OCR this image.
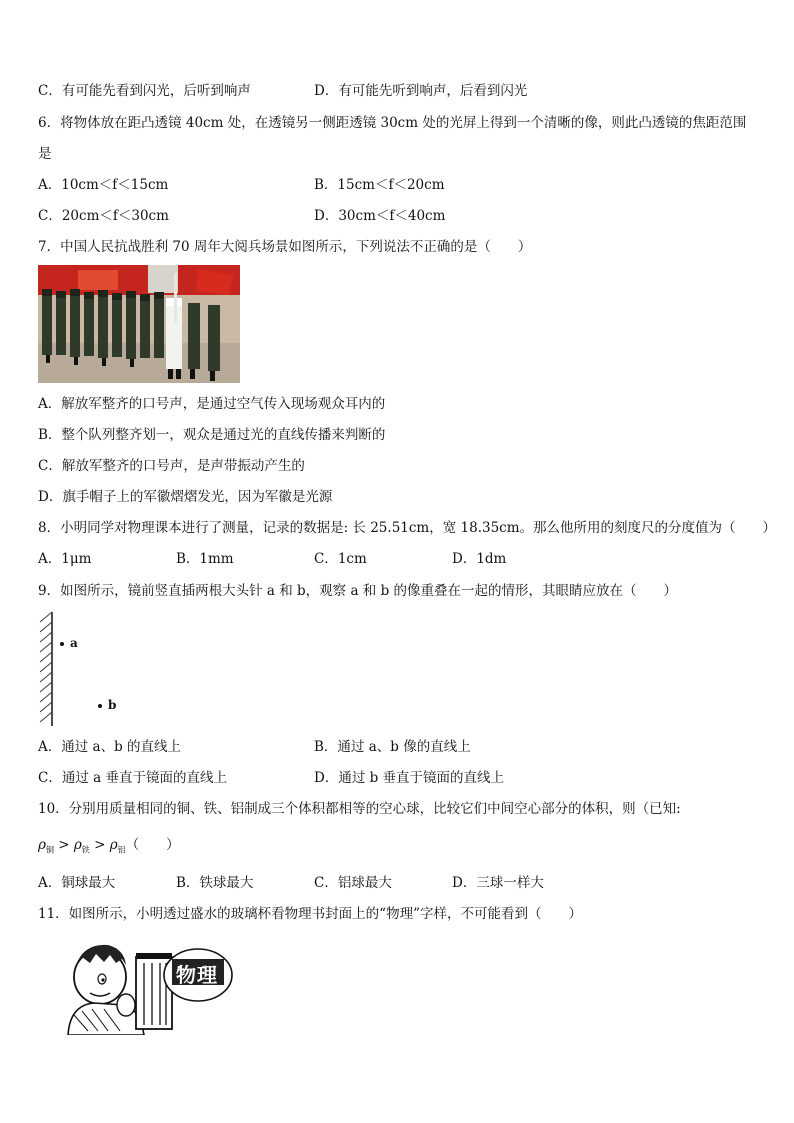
C．有可能先看到闪光，后听到响声	D．有可能先听到响声，后看到闪光
6．将物体放在距凸透镜 40cm 处，在透镜另一侧距透镜 30cm 处的光屏上得到一个清晰的像，则此凸透镜的焦距范围
是
A．10cm＜f＜15cm	B．15cm＜f＜20cm
C．20cm＜f＜30cm	D．30cm＜f＜40cm
7．中国人民抗战胜利 70 周年大阅兵场景如图所示，下列说法不正确的是（　　）
A．解放军整齐的口号声，是通过空气传入现场观众耳内的
B．整个队列整齐划一，观众是通过光的直线传播来判断的
C．解放军整齐的口号声，是声带振动产生的
D．旗手帽子上的军徽熠熠发光，因为军徽是光源
8．小明同学对物理课本进行了测量，记录的数据是: 长 25.51cm，宽 18.35cm。那么他所用的刻度尺的分度值为（　　）
A．1μm	B．1mm	C．1cm	D．1dm
9．如图所示，镜前竖直插两根大头针 a 和 b，观察 a 和 b 的像重叠在一起的情形，其眼睛应放在（　　）
a
b
A．通过 a、b 的直线上	B．通过 a、b 像的直线上
C．通过 a 垂直于镜面的直线上	D．通过 b 垂直于镜面的直线上
10．分别用质量相同的铜、铁、铝制成三个体积都相等的空心球，比较它们中间空心部分的体积，则（已知:
$\rho_铜 > \rho_铁 > \rho_铝$（　　）
A．铜球最大	B．铁球最大	C．铝球最大	D．三球一样大
11．如图所示，小明透过盛水的玻璃杯看物理书封面上的“物理”字样，不可能看到（　　）
物理
